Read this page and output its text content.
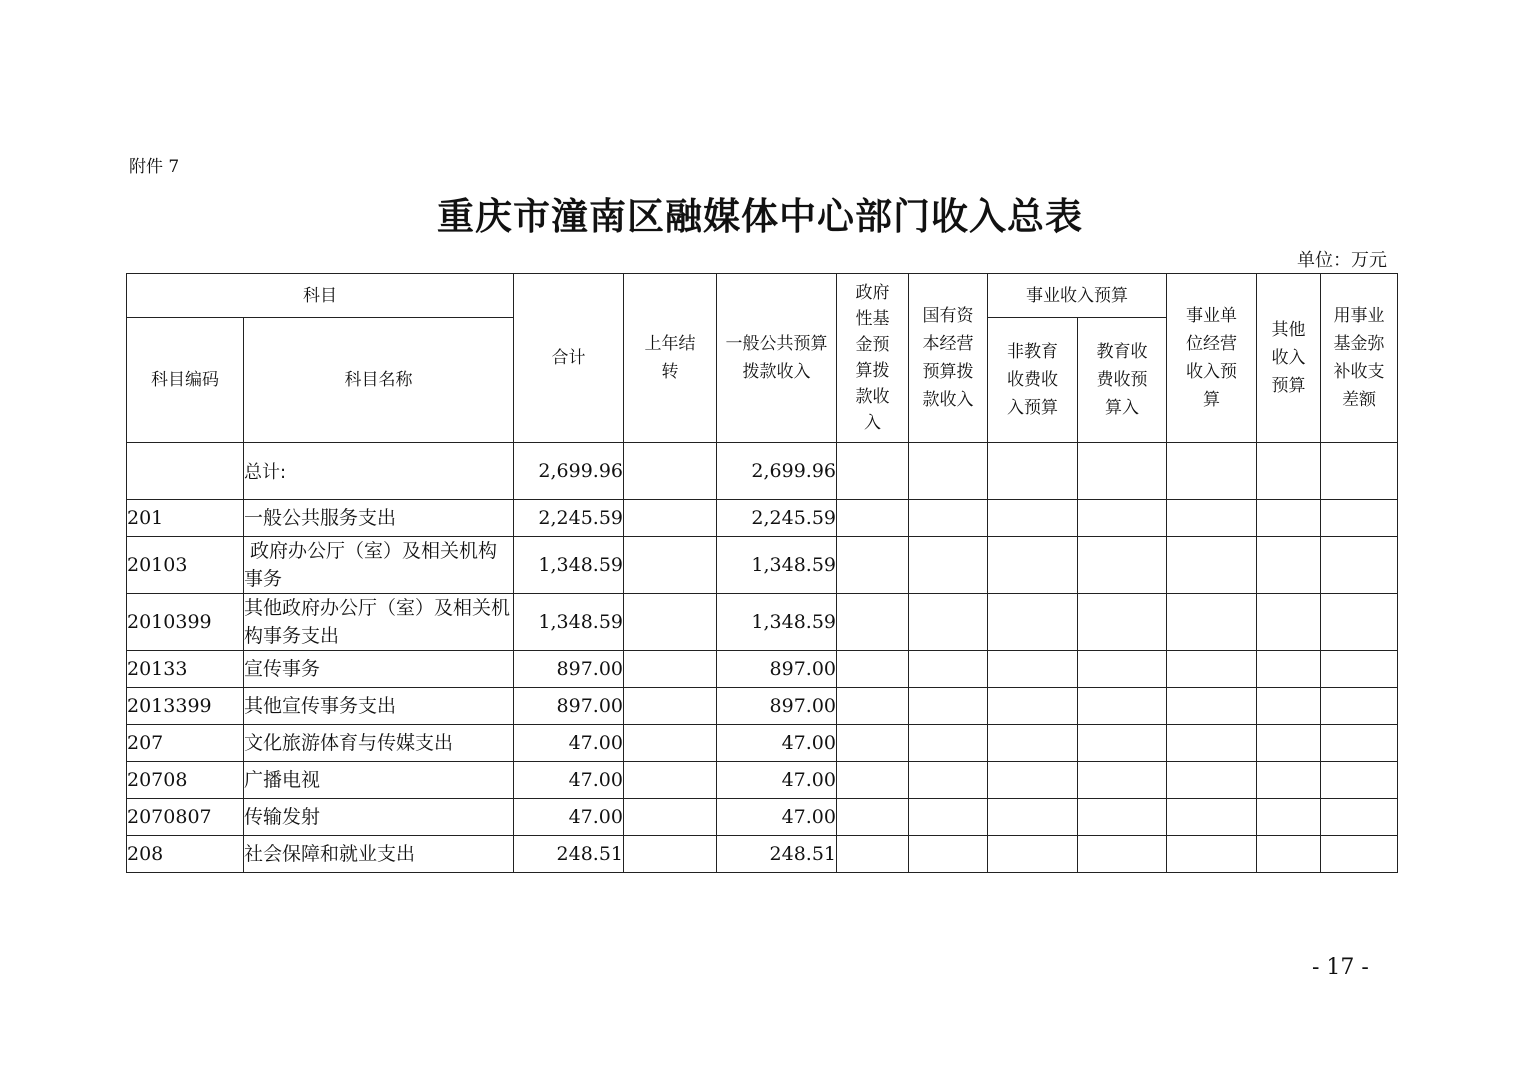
附件 7
重庆市潼南区融媒体中心部门收入总表
单位：万元
科目		合计	上年结转	一般公共预算拨款收入	政府性基金预算拨款收入	国有资本经营预算拨款收入	事业收入预算		事业单位经营收入预算	其他收入预算	用事业基金弥补收支差额
科目编码	科目名称						非教育收费收入预算	教育收费收预算入			
	总计:	2,699.96		2,699.96							
201	一般公共服务支出	2,245.59		2,245.59							
20103	政府办公厅（室）及相关机构事务	1,348.59		1,348.59							
2010399	其他政府办公厅（室）及相关机构事务支出	1,348.59		1,348.59							
20133	宣传事务	897.00		897.00							
2013399	其他宣传事务支出	897.00		897.00							
207	文化旅游体育与传媒支出	47.00		47.00							
20708	广播电视	47.00		47.00							
2070807	传输发射	47.00		47.00							
208	社会保障和就业支出	248.51		248.51							
- 17 -
